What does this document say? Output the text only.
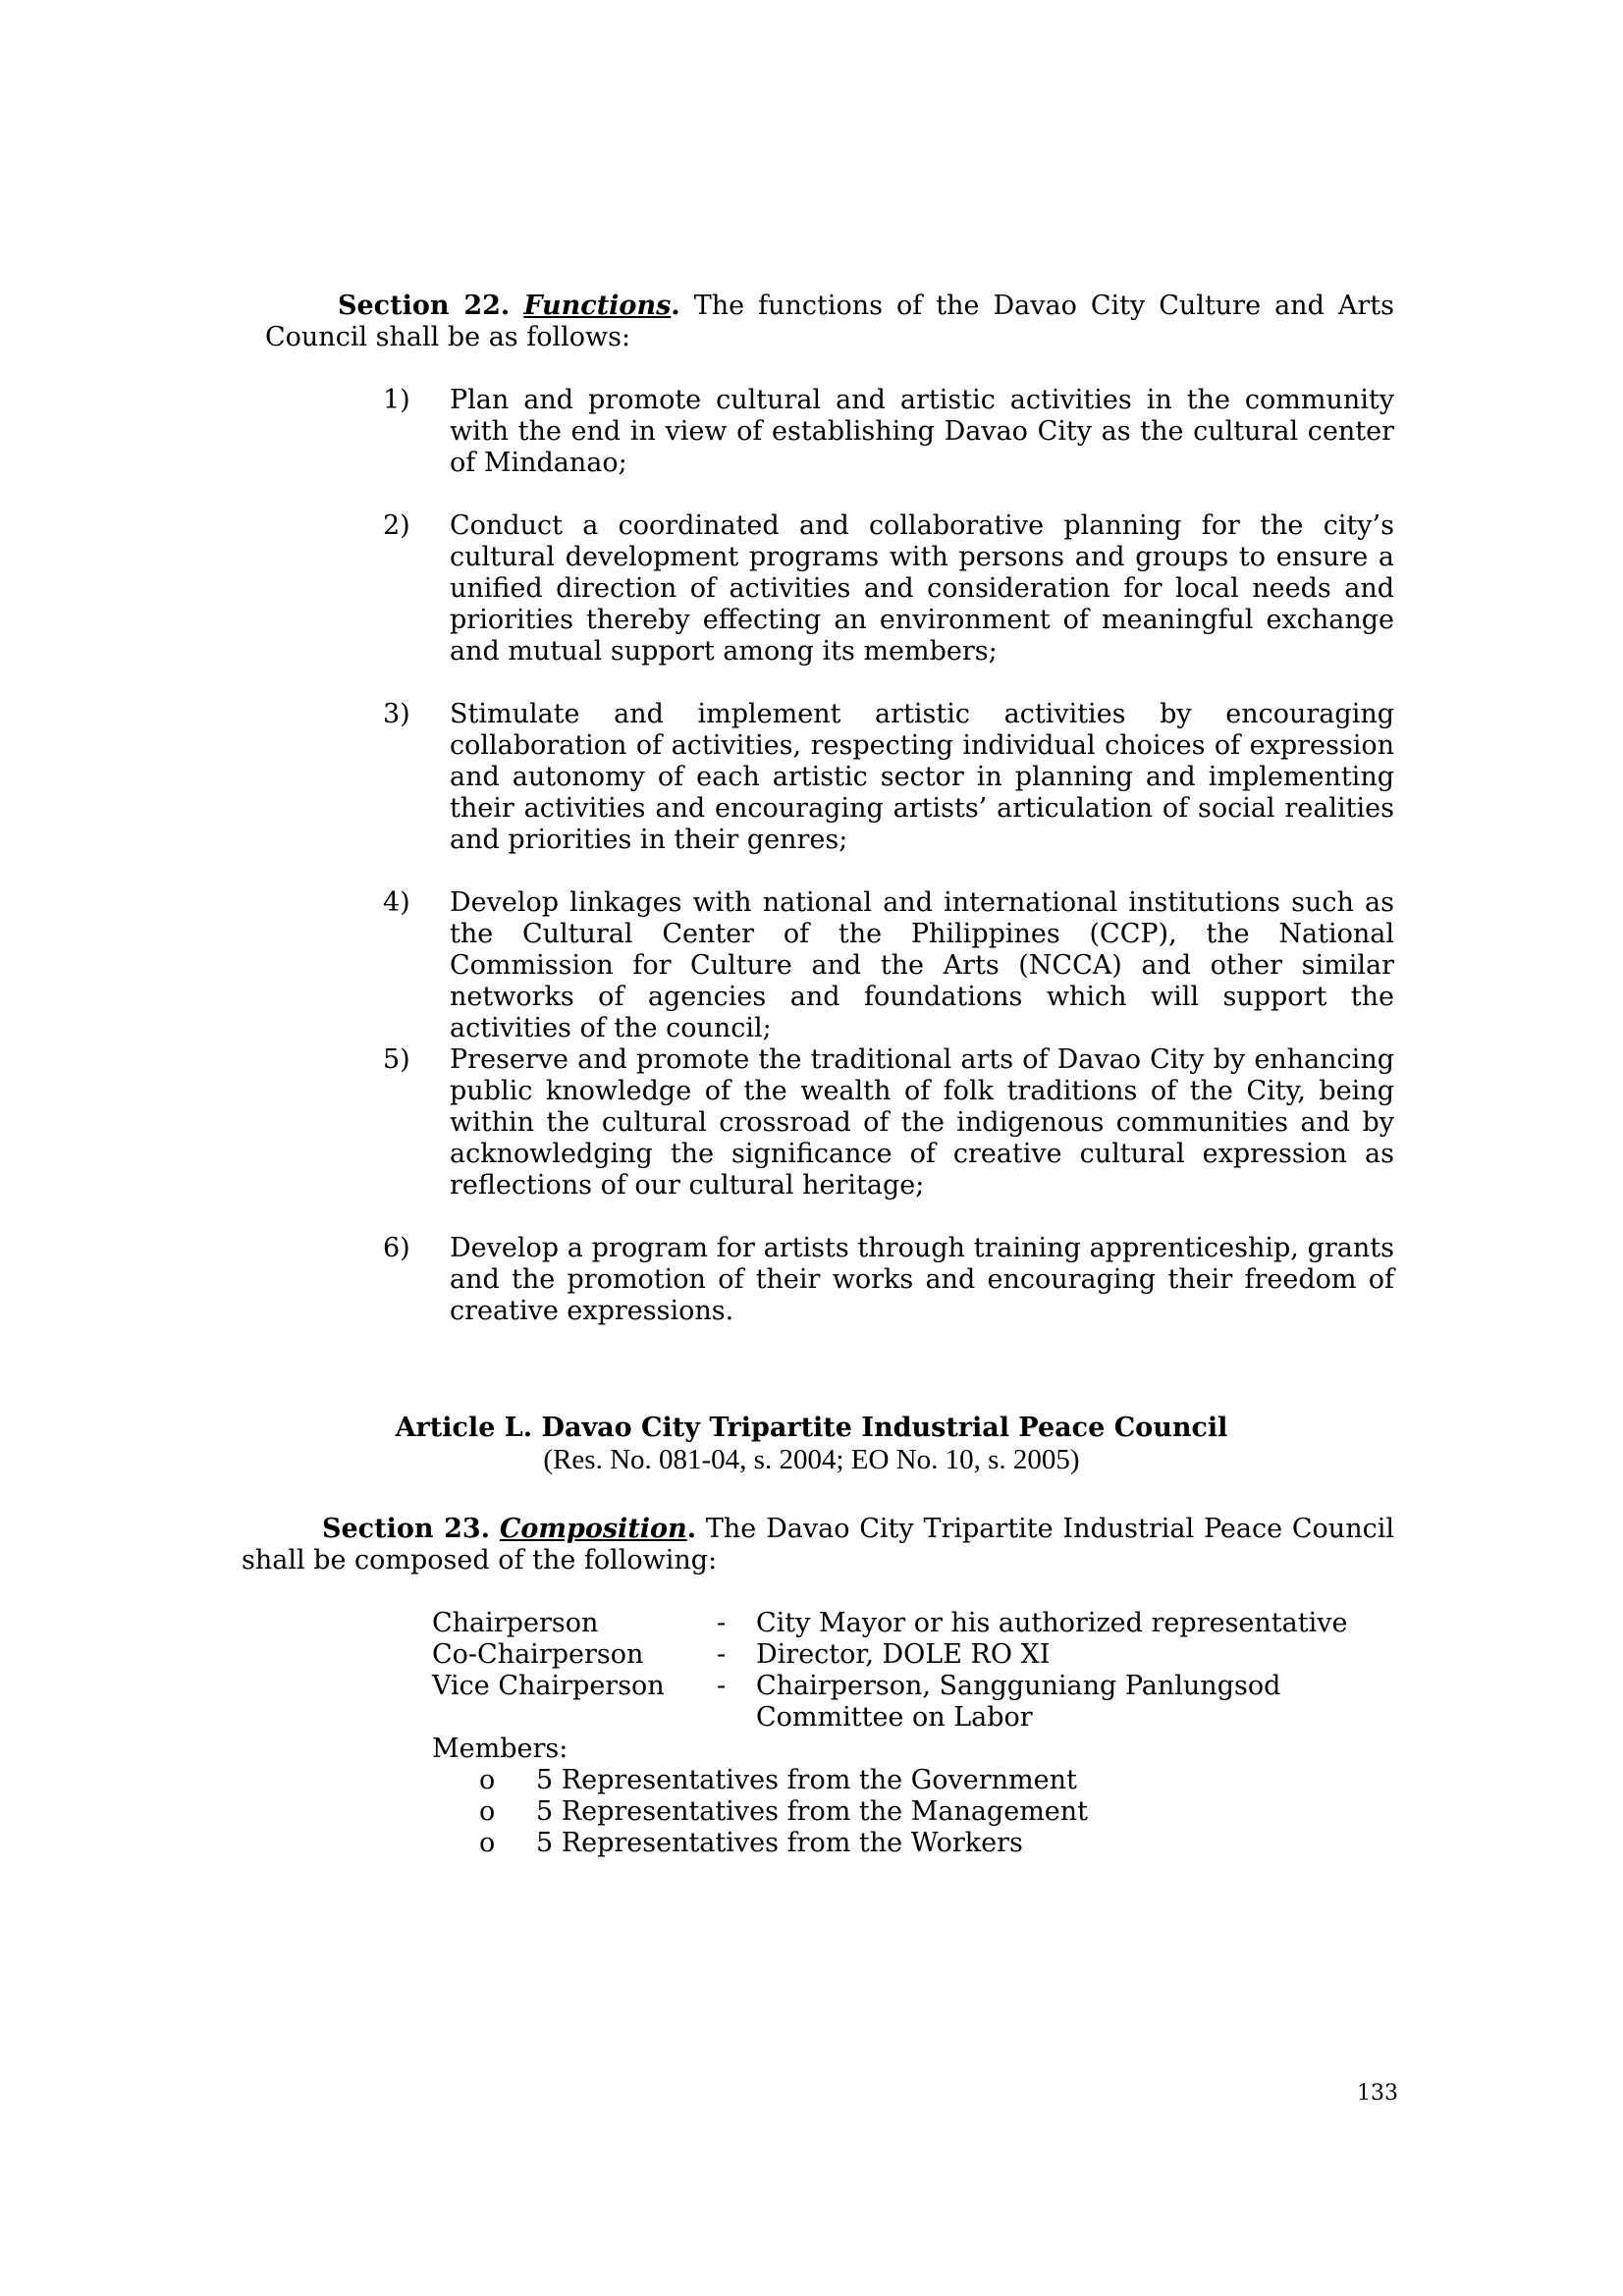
Section 22. Functions. The functions of the Davao City Culture and Arts
Council shall be as follows:

1) Plan and promote cultural and artistic activities in the community with the end in view of establishing Davao City as the cultural center of Mindanao;

2) Conduct a coordinated and collaborative planning for the city’s cultural development programs with persons and groups to ensure a unified direction of activities and consideration for local needs and priorities thereby effecting an environment of meaningful exchange and mutual support among its members;

3) Stimulate and implement artistic activities by encouraging collaboration of activities, respecting individual choices of expression and autonomy of each artistic sector in planning and implementing their activities and encouraging artists’ articulation of social realities and priorities in their genres;

4) Develop linkages with national and international institutions such as the Cultural Center of the Philippines (CCP), the National Commission for Culture and the Arts (NCCA) and other similar networks of agencies and foundations which will support the activities of the council;

5) Preserve and promote the traditional arts of Davao City by enhancing public knowledge of the wealth of folk traditions of the City, being within the cultural crossroad of the indigenous communities and by acknowledging the significance of creative cultural expression as reflections of our cultural heritage;

6) Develop a program for artists through training apprenticeship, grants and the promotion of their works and encouraging their freedom of creative expressions.

Article L. Davao City Tripartite Industrial Peace Council
(Res. No. 081-04, s. 2004; EO No. 10, s. 2005)

Section 23. Composition. The Davao City Tripartite Industrial Peace Council
shall be composed of the following:

Chairperson	-	City Mayor or his authorized representative
Co-Chairperson	-	Director, DOLE RO XI
Vice Chairperson	-	Chairperson, Sangguniang Panlungsod Committee on Labor
Members:
o	5 Representatives from the Government
o	5 Representatives from the Management
o	5 Representatives from the Workers
133
